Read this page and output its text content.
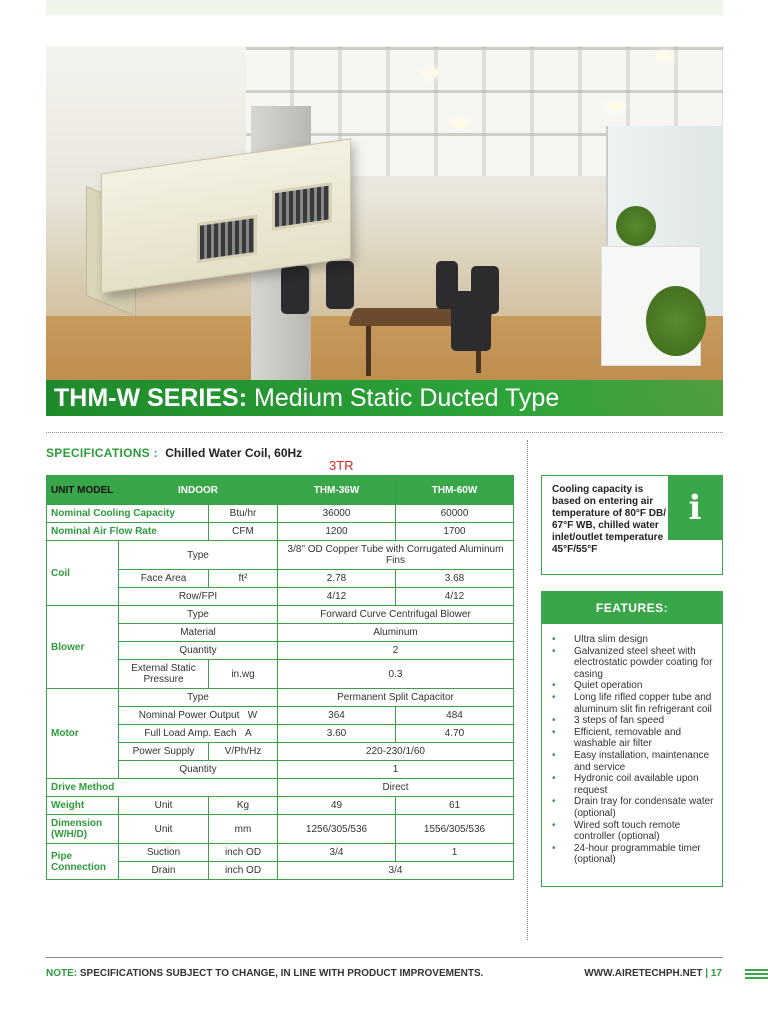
THM-W SERIES: Medium Static Ducted Type
SPECIFICATIONS : Chilled Water Coil, 60Hz
3TR
UNIT MODEL	INDOOR		THM-36W	THM-60W
Nominal Cooling Capacity		Btu/hr	36000	60000
Nominal Air Flow Rate		CFM	1200	1700
Coil	Type		3/8" OD Copper Tube with Corrugated Aluminum Fins	
	Face Area	ft²	2.78	3.68
	Row/FPI		4/12	4/12
Blower	Type		Forward Curve Centrifugal Blower	
	Material		Aluminum	
	Quantity		2	
	External Static Pressure	in.wg	0.3	
Motor	Type		Permanent Split Capacitor	
	Nominal Power Output W		364	484
	Full Load Amp. Each A		3.60	4.70
	Power Supply	V/Ph/Hz	220-230/1/60	
	Quantity		1	
Drive Method			Direct	
Weight	Unit	Kg	49	61
Dimension (W/H/D)	Unit	mm	1256/305/536	1556/305/536
Pipe Connection	Suction	inch OD	3/4	1
	Drain	inch OD	3/4	
Cooling capacity is based on entering air temperature of 80°F DB/ 67°F WB, chilled water inlet/outlet temperature 45°F/55°F
i
FEATURES:
• Ultra slim design
• Galvanized steel sheet with electrostatic powder coating for casing
• Quiet operation
• Long life rifled copper tube and aluminum slit fin refrigerant coil
• 3 steps of fan speed
• Efficient, removable and washable air filter
• Easy installation, maintenance and service
• Hydronic coil available upon request
• Drain tray for condensate water (optional)
• Wired soft touch remote controller (optional)
• 24-hour programmable timer (optional)
NOTE: SPECIFICATIONS SUBJECT TO CHANGE, IN LINE WITH PRODUCT IMPROVEMENTS.	WWW.AIRETECHPH.NET | 17
